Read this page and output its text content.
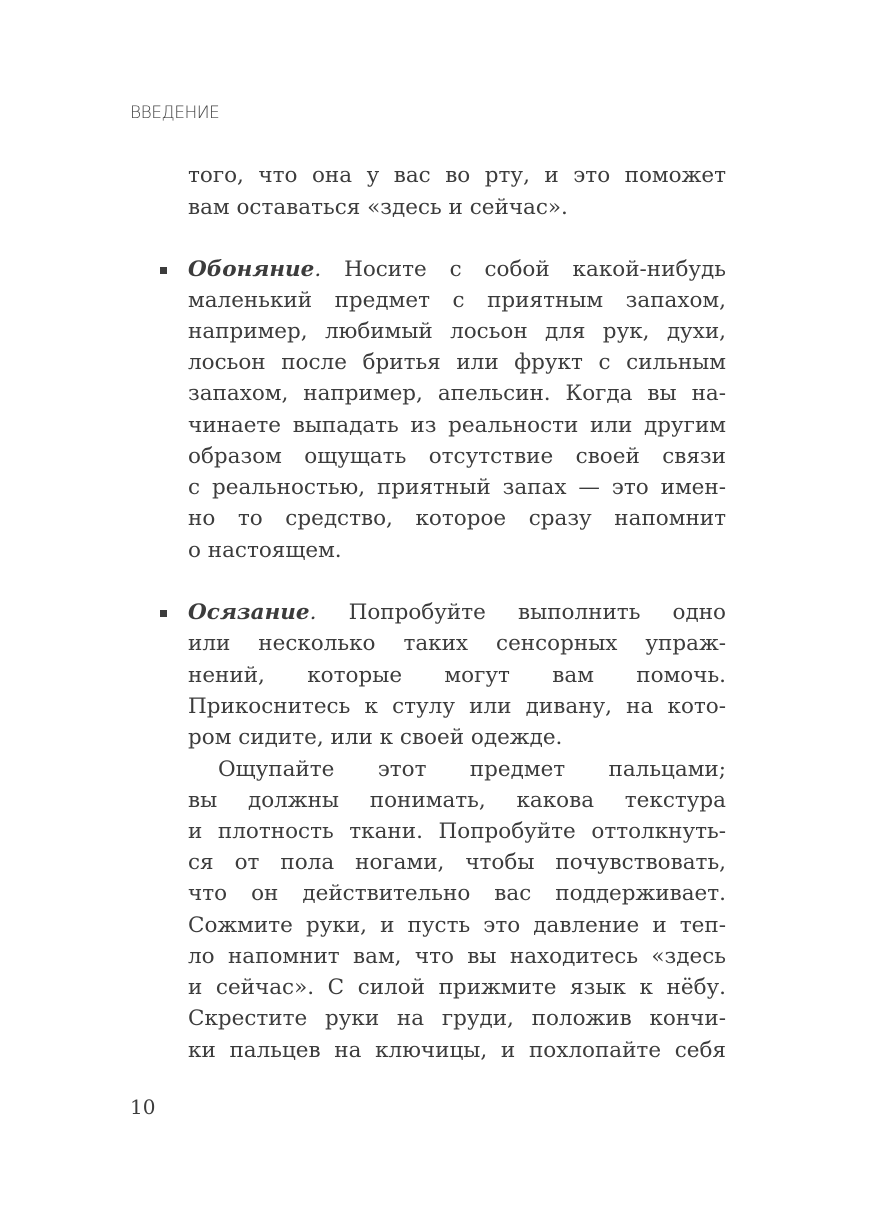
ВВЕДЕНИЕ
того, что она у вас во рту, и это поможет
вам оставаться «здесь и сейчас».
Обоняние. Носите с собой какой-нибудь
маленький предмет с приятным запахом,
например, любимый лосьон для рук, духи,
лосьон после бритья или фрукт с сильным
запахом, например, апельсин. Когда вы на-
чинаете выпадать из реальности или другим
образом ощущать отсутствие своей связи
с реальностью, приятный запах — это имен-
но то средство, которое сразу напомнит
о настоящем.
Осязание. Попробуйте выполнить одно
или несколько таких сенсорных упраж-
нений, которые могут вам помочь.
Прикоснитесь к стулу или дивану, на кото-
ром сидите, или к своей одежде.
Ощупайте этот предмет пальцами;
вы должны понимать, какова текстура
и плотность ткани. Попробуйте оттолкнуть-
ся от пола ногами, чтобы почувствовать,
что он действительно вас поддерживает.
Сожмите руки, и пусть это давление и теп-
ло напомнит вам, что вы находитесь «здесь
и сейчас». С силой прижмите язык к нёбу.
Скрестите руки на груди, положив кончи-
ки пальцев на ключицы, и похлопайте себя
10
